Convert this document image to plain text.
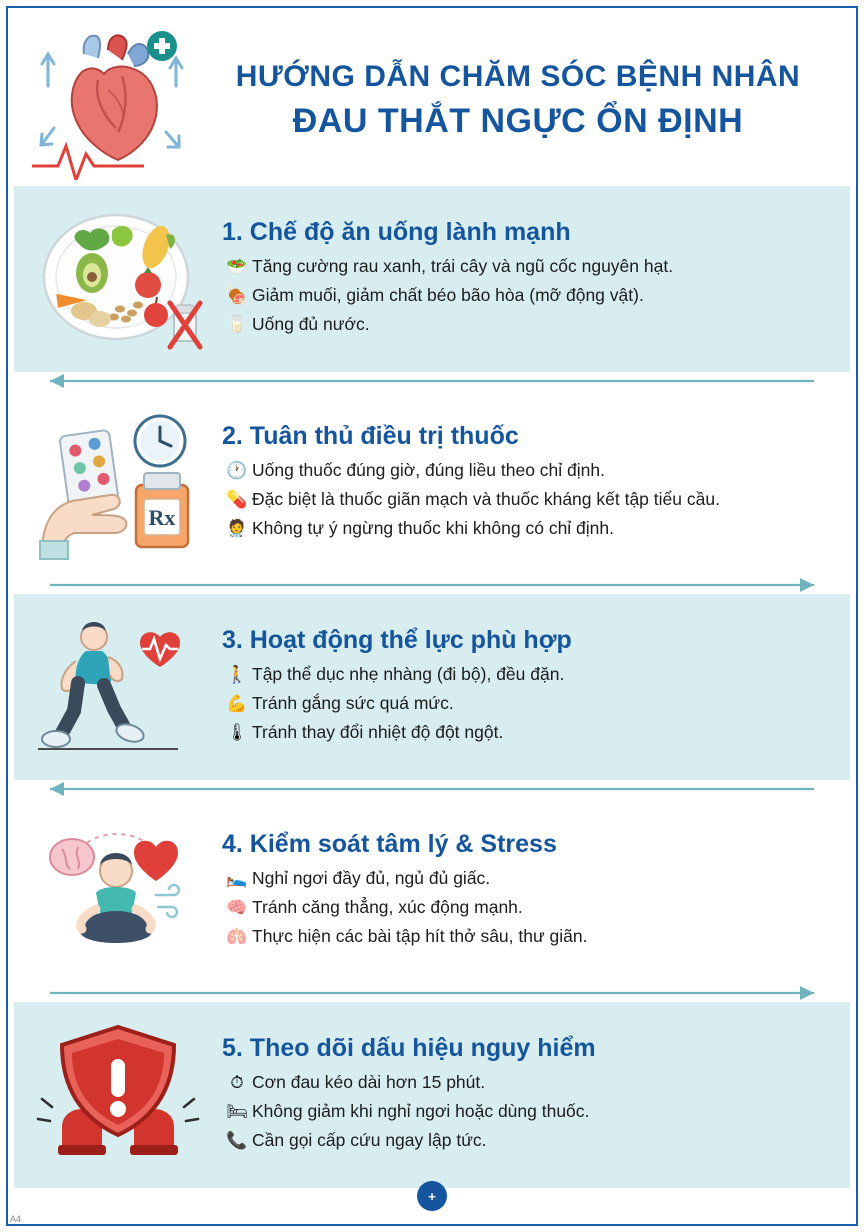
HƯỚNG DẪN CHĂM SÓC BỆNH NHÂN
ĐAU THẮT NGỰC ỔN ĐỊNH
1. Chế độ ăn uống lành mạnh
🥗 Tăng cường rau xanh, trái cây và ngũ cốc nguyên hạt.
🍖 Giảm muối, giảm chất béo bão hòa (mỡ động vật).
🥛 Uống đủ nước.
Rx
2. Tuân thủ điều trị thuốc
🕐 Uống thuốc đúng giờ, đúng liều theo chỉ định.
💊 Đặc biệt là thuốc giãn mạch và thuốc kháng kết tập tiểu cầu.
🧑‍⚕️ Không tự ý ngừng thuốc khi không có chỉ định.
3. Hoạt động thể lực phù hợp
🚶 Tập thể dục nhẹ nhàng (đi bộ), đều đặn.
💪 Tránh gắng sức quá mức.
🌡 Tránh thay đổi nhiệt độ đột ngột.
4. Kiểm soát tâm lý & Stress
🛌 Nghỉ ngơi đầy đủ, ngủ đủ giấc.
🧠 Tránh căng thẳng, xúc động mạnh.
🫁 Thực hiện các bài tập hít thở sâu, thư giãn.
5. Theo dõi dấu hiệu nguy hiểm
⏱ Cơn đau kéo dài hơn 15 phút.
🛏 Không giảm khi nghỉ ngơi hoặc dùng thuốc.
📞 Cần gọi cấp cứu ngay lập tức.
+
A4
